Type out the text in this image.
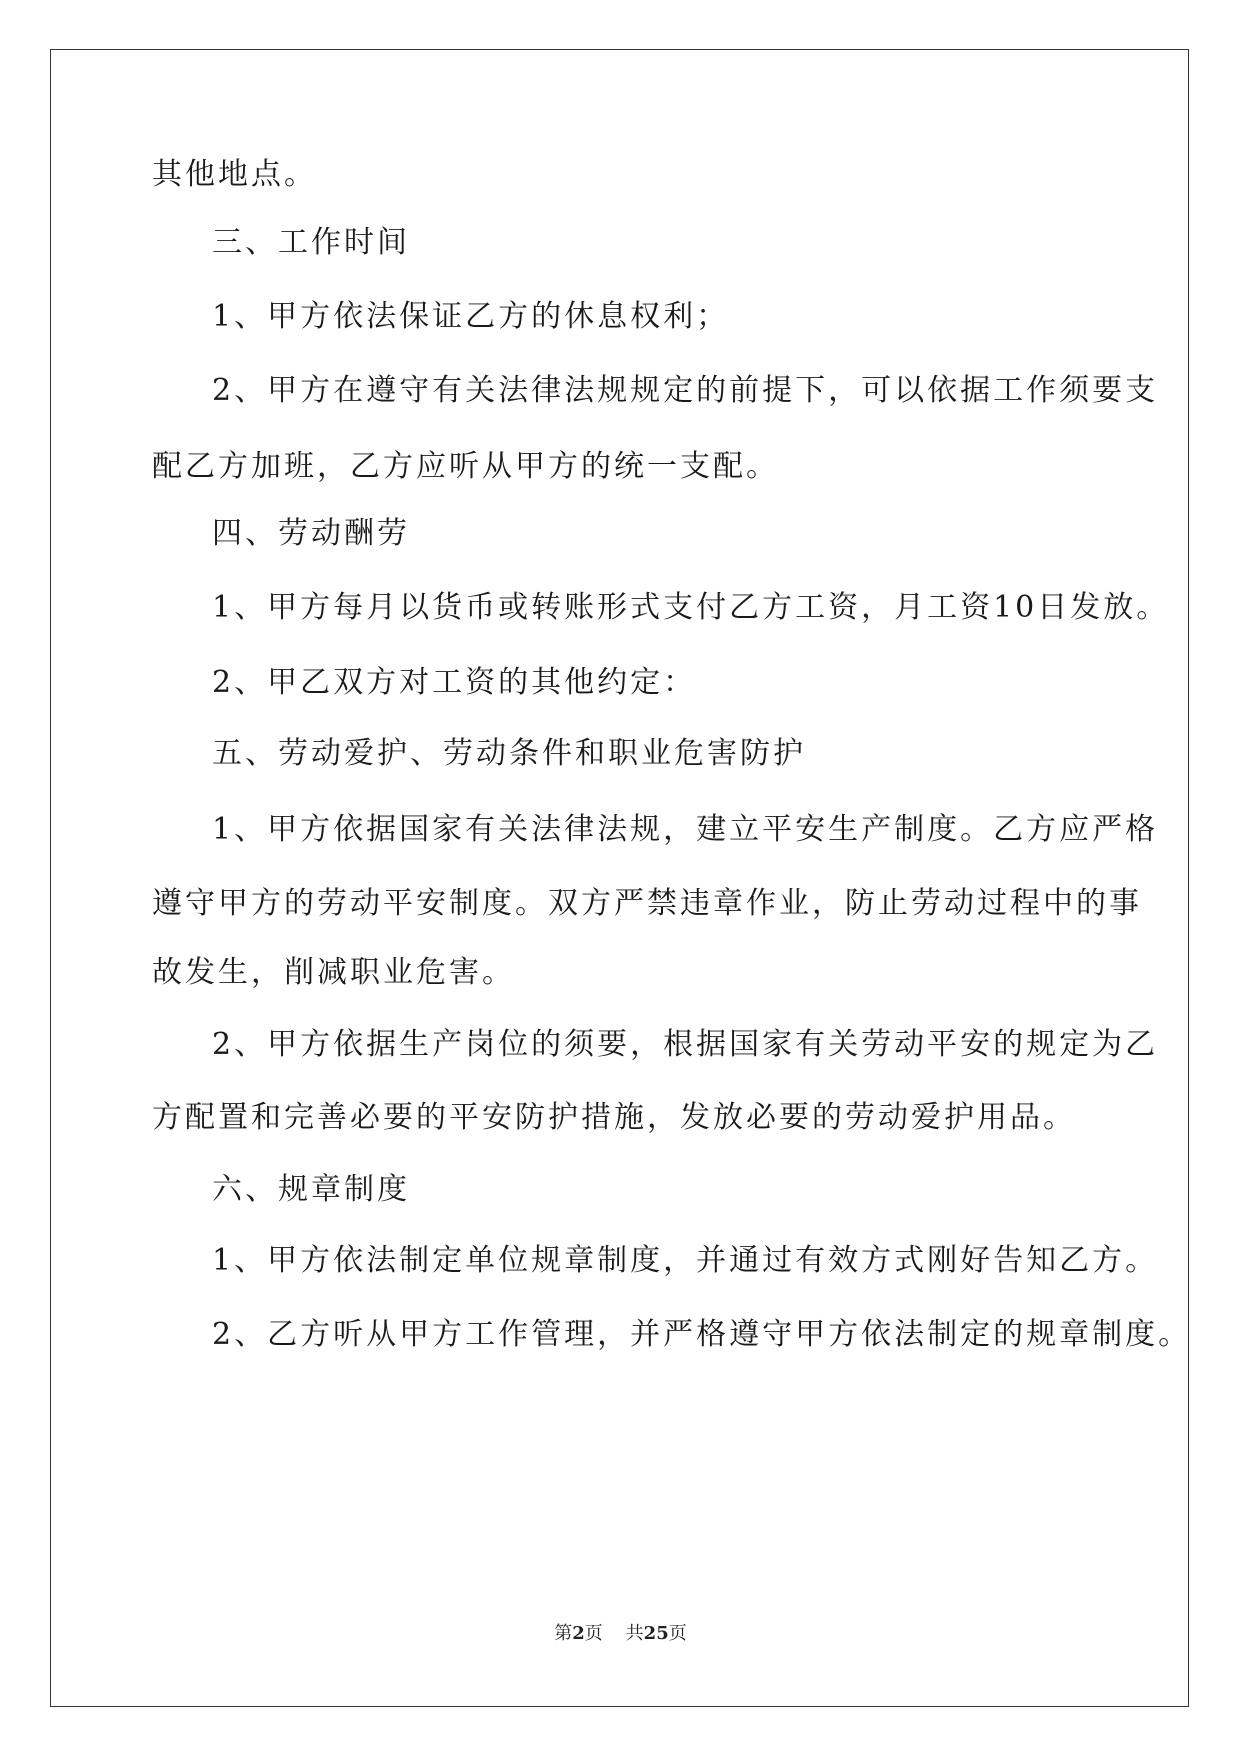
其他地点。
三、工作时间
1、甲方依法保证乙方的休息权利；
2、甲方在遵守有关法律法规规定的前提下，可以依据工作须要支
配乙方加班，乙方应听从甲方的统一支配。
四、劳动酬劳
1、甲方每月以货币或转账形式支付乙方工资，月工资10日发放。
2、甲乙双方对工资的其他约定：
五、劳动爱护、劳动条件和职业危害防护
1、甲方依据国家有关法律法规，建立平安生产制度。乙方应严格
遵守甲方的劳动平安制度。双方严禁违章作业，防止劳动过程中的事
故发生，削减职业危害。
2、甲方依据生产岗位的须要，根据国家有关劳动平安的规定为乙
方配置和完善必要的平安防护措施，发放必要的劳动爱护用品。
六、规章制度
1、甲方依法制定单位规章制度，并通过有效方式刚好告知乙方。
2、乙方听从甲方工作管理，并严格遵守甲方依法制定的规章制度。
第2页 共25页
